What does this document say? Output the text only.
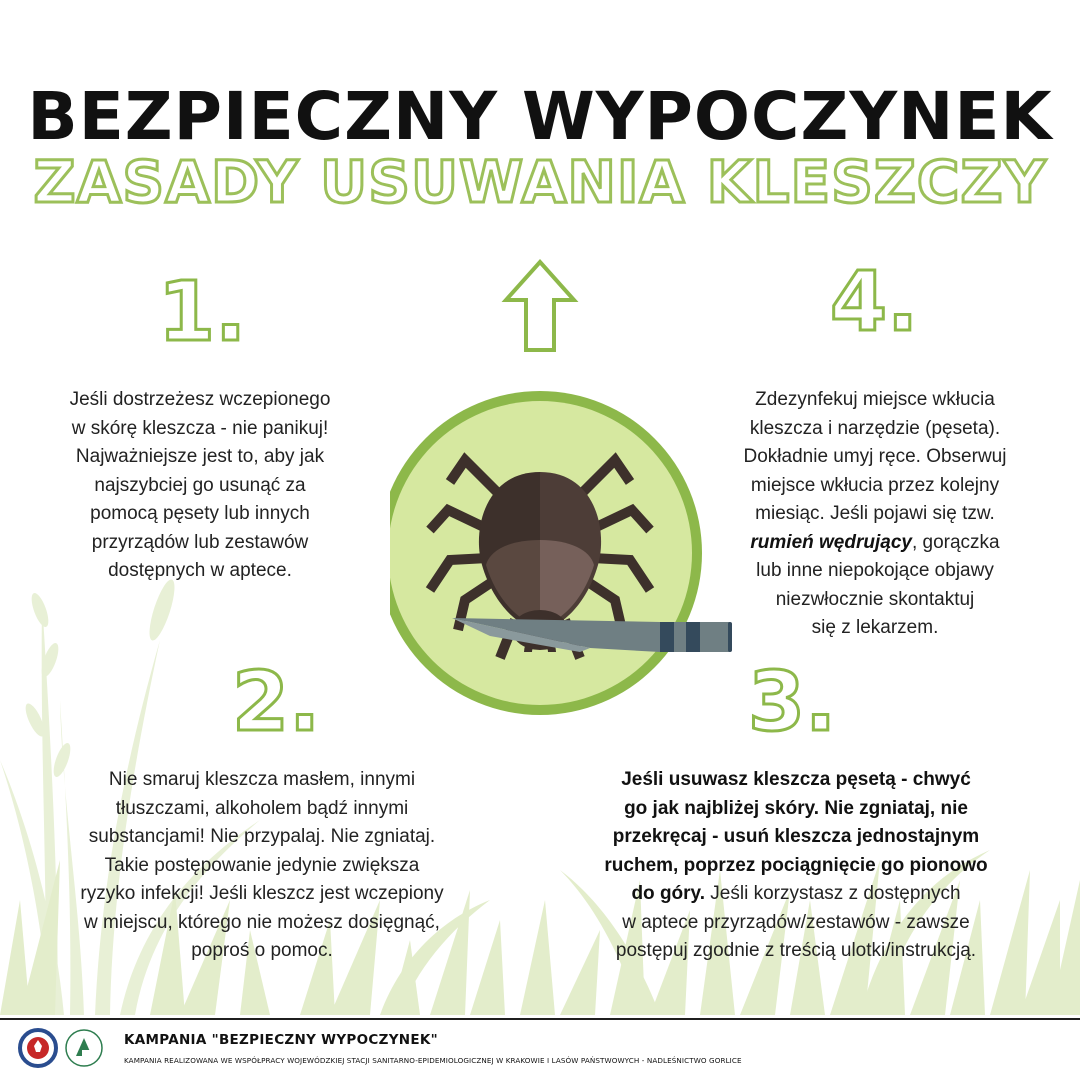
BEZPIECZNY WYPOCZYNEK
ZASADY USUWANIA KLESZCZY
1.
2.	3.
4.

Jeśli dostrzeżesz wczepionego
w skórę kleszcza - nie panikuj!
Najważniejsze jest to, aby jak
najszybciej go usunąć za
pomocą pęsety lub innych
przyrządów lub zestawów
dostępnych w aptece.

Nie smaruj kleszcza masłem, innymi
tłuszczami, alkoholem bądź innymi
substancjami! Nie przypalaj. Nie zgniataj.
Takie postępowanie jedynie zwiększa
ryzyko infekcji! Jeśli kleszcz jest wczepiony
w miejscu, którego nie możesz dosięgnąć,
poproś o pomoc.

Jeśli usuwasz kleszcza pęsetą - chwyć
go jak najbliżej skóry. Nie zgniataj, nie
przekręcaj - usuń kleszcza jednostajnym
ruchem, poprzez pociągnięcie go pionowo
do góry. Jeśli korzystasz z dostępnych
w aptece przyrządów/zestawów - zawsze
postępuj zgodnie z treścią ulotki/instrukcją.

Zdezynfekuj miejsce wkłucia
kleszcza i narzędzie (pęseta).
Dokładnie umyj ręce. Obserwuj
miejsce wkłucia przez kolejny
miesiąc. Jeśli pojawi się tzw.
rumień wędrujący, gorączka
lub inne niepokojące objawy
niezwłocznie skontaktuj
się z lekarzem.

KAMPANIA "BEZPIECZNY WYPOCZYNEK"
KAMPANIA REALIZOWANA WE WSPÓŁPRACY WOJEWÓDZKIEJ STACJI SANITARNO-EPIDEMIOLOGICZNEJ W KRAKOWIE I LASÓW PAŃSTWOWYCH - NADLEŚNICTWO GORLICE
